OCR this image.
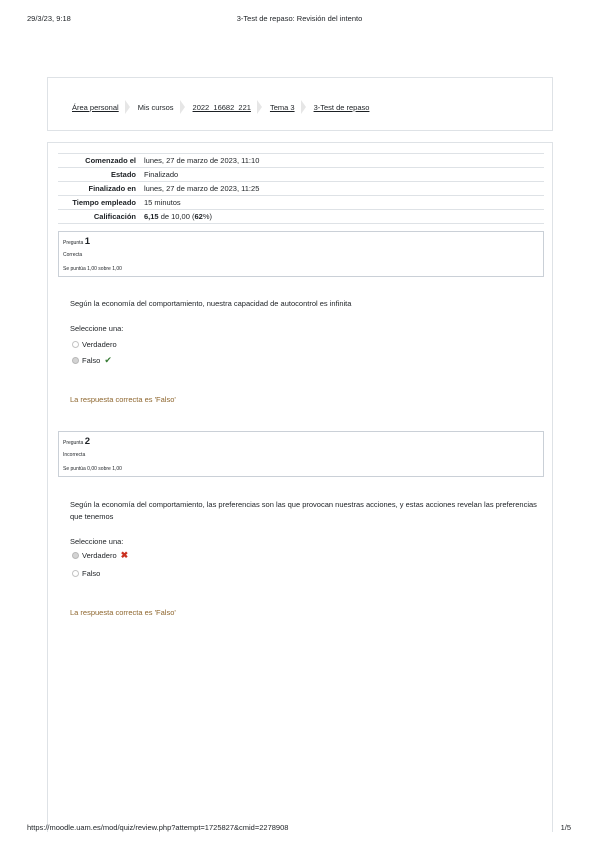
29/3/23, 9:18	3-Test de repaso: Revisión del intento
Área personal	Mis cursos	2022_16682_221	Tema 3	3-Test de repaso
Comenzado el	lunes, 27 de marzo de 2023, 11:10
Estado	Finalizado
Finalizado en	lunes, 27 de marzo de 2023, 11:25
Tiempo empleado	15 minutos
Calificación	6,15 de 10,00 (62%)
Pregunta 1
Correcta
Se puntúa 1,00 sobre 1,00
Según la economía del comportamiento, nuestra capacidad de autocontrol es infinita
Seleccione una:
Verdadero
Falso ✔
La respuesta correcta es 'Falso'
Pregunta 2
Incorrecta
Se puntúa 0,00 sobre 1,00
Según la economía del comportamiento, las preferencias son las que provocan nuestras acciones, y estas acciones revelan las preferencias que tenemos
Seleccione una:
Verdadero ✖
Falso
La respuesta correcta es 'Falso'
https://moodle.uam.es/mod/quiz/review.php?attempt=1725827&cmid=2278908	1/5
